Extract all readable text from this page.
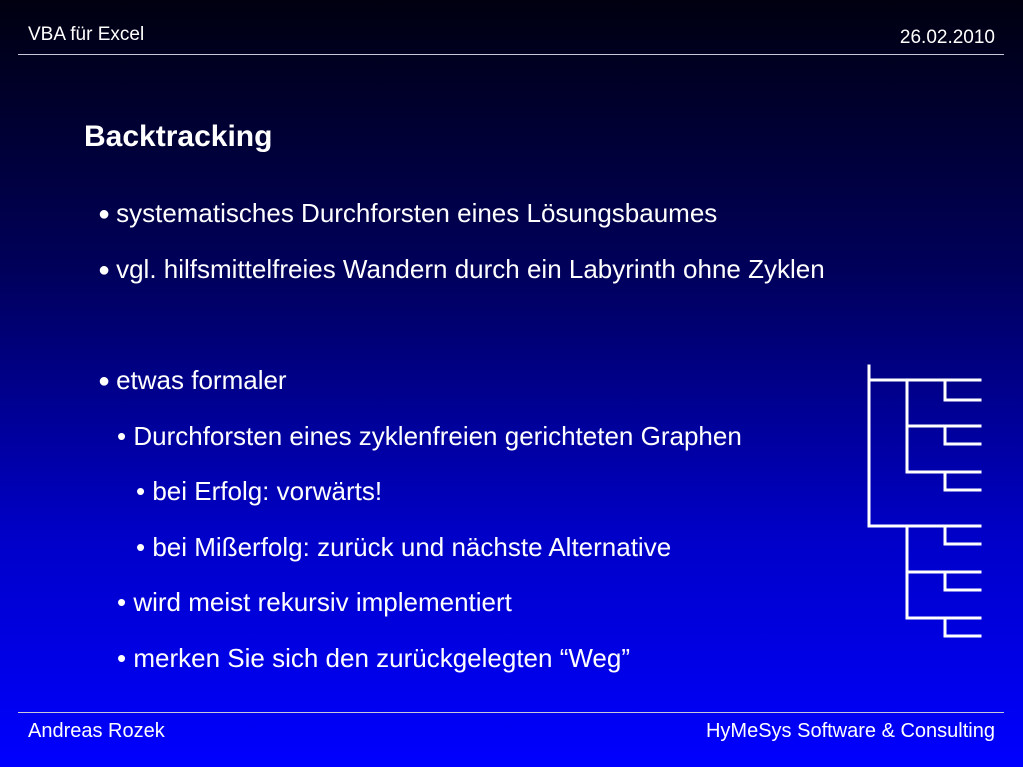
VBA für Excel	26.02.2010
Backtracking
● systematisches Durchforsten eines Lösungsbaumes
● vgl. hilfsmittelfreies Wandern durch ein Labyrinth ohne Zyklen
● etwas formaler
• Durchforsten eines zyklenfreien gerichteten Graphen
• bei Erfolg: vorwärts!
• bei Mißerfolg: zurück und nächste Alternative
• wird meist rekursiv implementiert
• merken Sie sich den zurückgelegten “Weg”
Andreas Rozek	HyMeSys Software & Consulting
